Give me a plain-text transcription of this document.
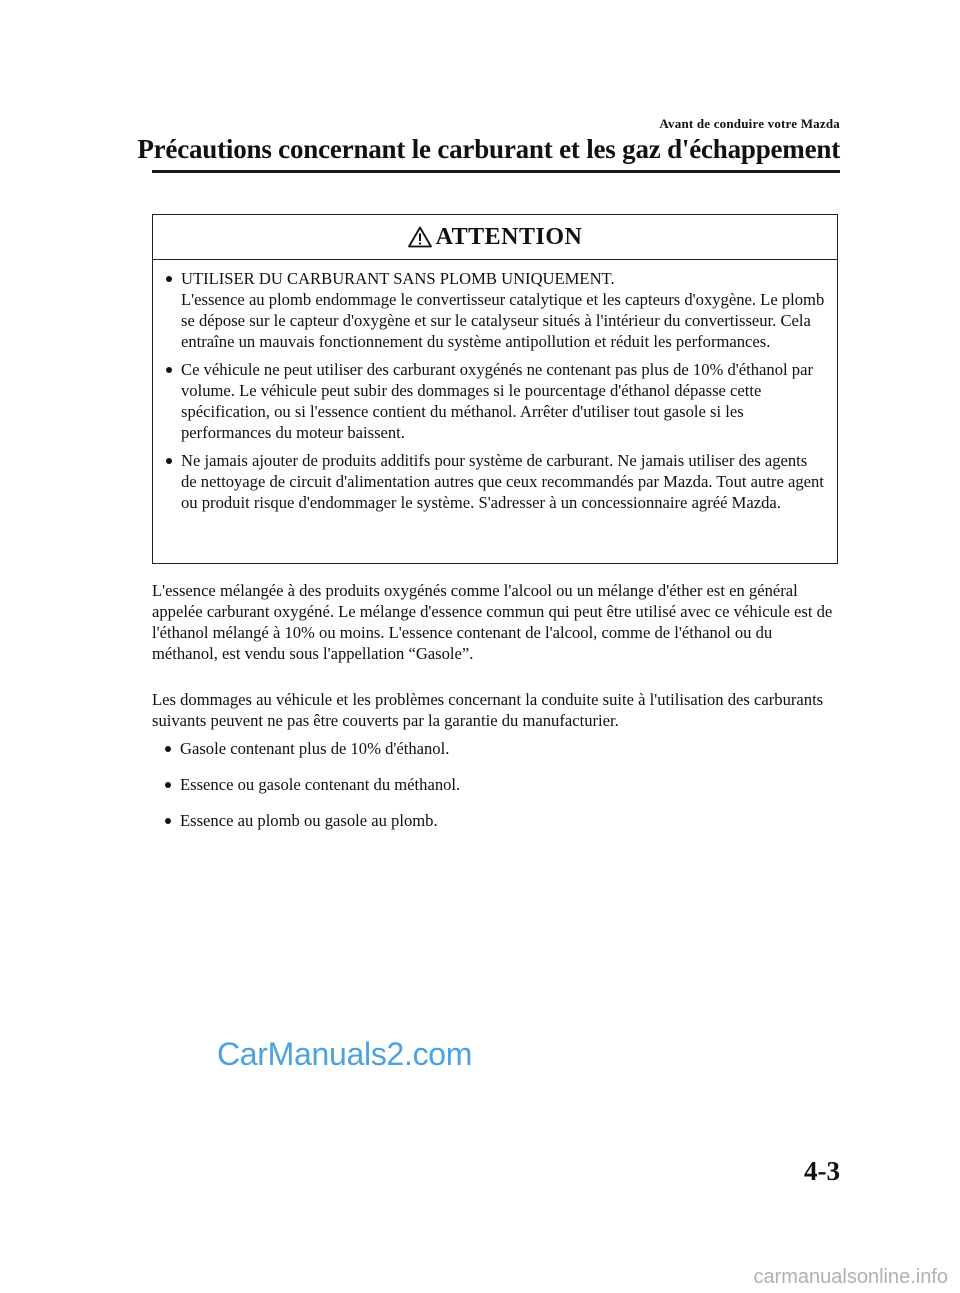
Avant de conduire votre Mazda
Précautions concernant le carburant et les gaz d'échappement
ATTENTION
UTILISER DU CARBURANT SANS PLOMB UNIQUEMENT.
L'essence au plomb endommage le convertisseur catalytique et les capteurs d'oxygène. Le plomb se dépose sur le capteur d'oxygène et sur le catalyseur situés à l'intérieur du convertisseur. Cela entraîne un mauvais fonctionnement du système antipollution et réduit les performances.
Ce véhicule ne peut utiliser des carburant oxygénés ne contenant pas plus de 10% d'éthanol par volume. Le véhicule peut subir des dommages si le pourcentage d'éthanol dépasse cette spécification, ou si l'essence contient du méthanol. Arrêter d'utiliser tout gasole si les performances du moteur baissent.
Ne jamais ajouter de produits additifs pour système de carburant. Ne jamais utiliser des agents de nettoyage de circuit d'alimentation autres que ceux recommandés par Mazda. Tout autre agent ou produit risque d'endommager le système. S'adresser à un concessionnaire agréé Mazda.
L'essence mélangée à des produits oxygénés comme l'alcool ou un mélange d'éther est en général appelée carburant oxygéné. Le mélange d'essence commun qui peut être utilisé avec ce véhicule est de l'éthanol mélangé à 10% ou moins. L'essence contenant de l'alcool, comme de l'éthanol ou du méthanol, est vendu sous l'appellation “Gasole”.
Les dommages au véhicule et les problèmes concernant la conduite suite à l'utilisation des carburants suivants peuvent ne pas être couverts par la garantie du manufacturier.
Gasole contenant plus de 10% d'éthanol.
Essence ou gasole contenant du méthanol.
Essence au plomb ou gasole au plomb.
CarManuals2.com
4-3
carmanualsonline.info
